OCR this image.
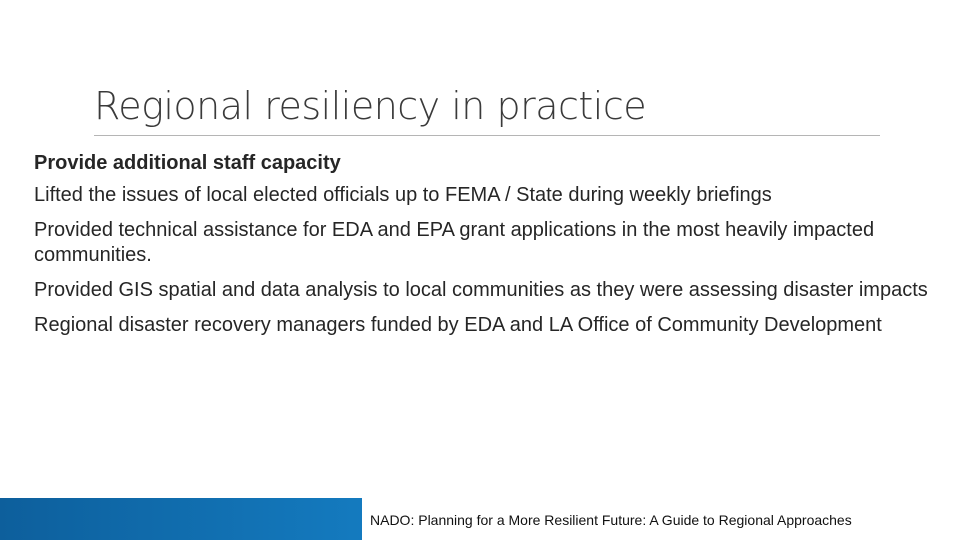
Regional resiliency in practice
Provide additional staff capacity
Lifted the issues of local elected officials up to FEMA / State during weekly briefings
Provided technical assistance for EDA and EPA grant applications in the most heavily impacted communities.
Provided GIS spatial and data analysis to local communities as they were assessing disaster impacts
Regional disaster recovery managers funded by EDA and LA Office of Community Development
NADO: Planning for a More Resilient Future: A Guide to Regional Approaches
